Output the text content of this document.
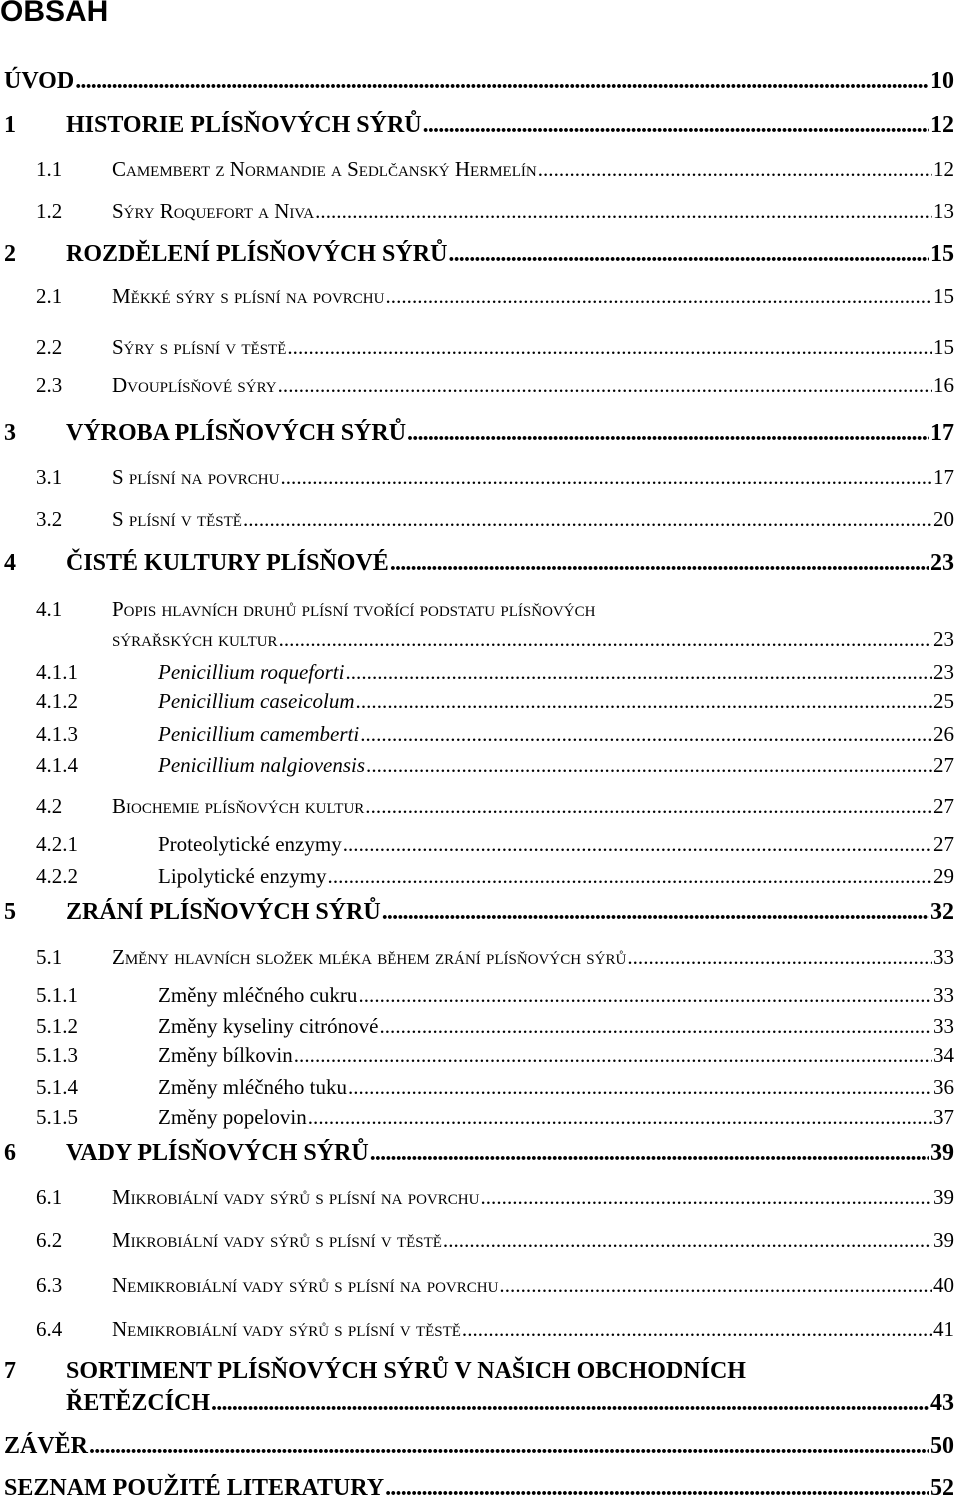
OBSAH
ÚVOD . . .	10
1 HISTORIE PLÍSŇOVÝCH SÝRŮ . . .	12
1.1 Camembert z Normandie a Sedlčanský Hermelín . . .	12
1.2 Sýry Roquefort a Niva . . .	13
2 ROZDĚLENÍ PLÍSŇOVÝCH SÝRŮ . . .	15
2.1 Měkké sýry s plísní na povrchu . . .	15
2.2 Sýry s plísní v těstě . . .	15
2.3 Dvouplísňové sýry . . .	16
3 VÝROBA PLÍSŇOVÝCH SÝRŮ . . .	17
3.1 S plísní na povrchu . . .	17
3.2 S plísní v těstě . . .	20
4 ČISTÉ KULTURY PLÍSŇOVÉ . . .	23
4.1 Popis hlavních druhů plísní tvořící podstatu plísňových
sýrařských kultur . . .	23
4.1.1	Penicillium roqueforti . . .	23
4.1.2	Penicillium caseicolum . . .	25
4.1.3	Penicillium camemberti . . .	26
4.1.4	Penicillium nalgiovensis . . .	27
4.2 Biochemie plísňových kultur . . .	27
4.2.1	Proteolytické enzymy . . .	27
4.2.2	Lipolytické enzymy . . .	29
5 ZRÁNÍ PLÍSŇOVÝCH SÝRŮ . . .	32
5.1 Změny hlavních složek mléka během zrání plísňových sýrů . . .	33
5.1.1	Změny mléčného cukru . . .	33
5.1.2	Změny kyseliny citrónové . . .	33
5.1.3	Změny bílkovin . . .	34
5.1.4	Změny mléčného tuku . . .	36
5.1.5	Změny popelovin . . .	37
6 VADY PLÍSŇOVÝCH SÝRŮ . . .	39
6.1 Mikrobiální vady sýrů s plísní na povrchu . . .	39
6.2 Mikrobiální vady sýrů s plísní v těstě . . .	39
6.3 Nemikrobiální vady sýrů s plísní na povrchu . . .	40
6.4 Nemikrobiální vady sýrů s plísní v těstě . . .	41
7 SORTIMENT PLÍSŇOVÝCH SÝRŮ V NAŠICH OBCHODNÍCH
ŘETĚZCÍCH . . .	43
ZÁVĚR . . .	50
SEZNAM POUŽITÉ LITERATURY . . .	52
